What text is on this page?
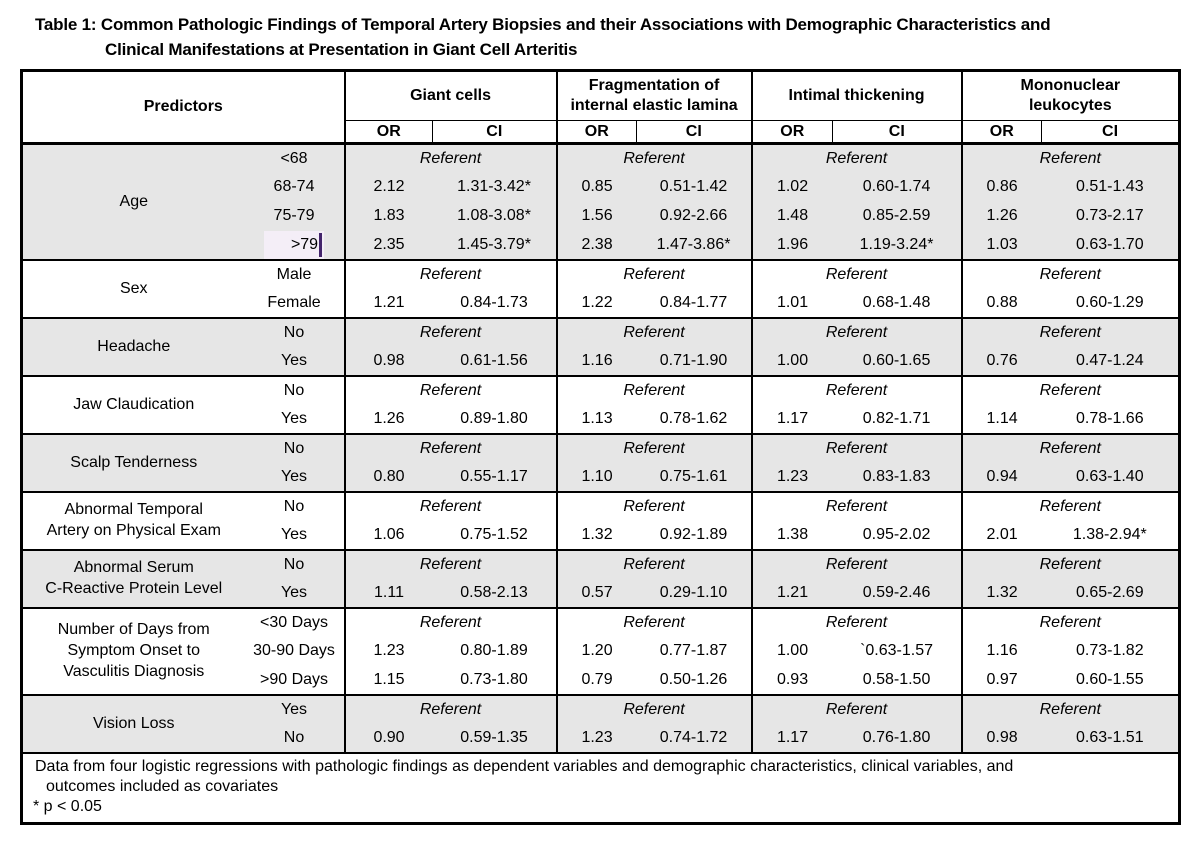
Table 1: Common Pathologic Findings of Temporal Artery Biopsies and their Associations with Demographic Characteristics and
Clinical Manifestations at Presentation in Giant Cell Arteritis
Predictors	
Giant cells

Fragmentation of
internal elastic lamina

Intimal thickening

Mononuclear
leukocytes

		OR	CI	OR	CI	OR	CI	OR	CI

Age	<68	Referent		Referent		Referent		Referent	
	68-74	2.12	1.31-3.42*	0.85	0.51-1.42	1.02	0.60-1.74	0.86	0.51-1.43
	75-79	1.83	1.08-3.08*	1.56	0.92-2.66	1.48	0.85-2.59	1.26	0.73-2.17
	>79	2.35	1.45-3.79*	2.38	1.47-3.86*	1.96	1.19-3.24*	1.03	0.63-1.70

Sex	Male	Referent		Referent		Referent		Referent	
	Female	1.21	0.84-1.73	1.22	0.84-1.77	1.01	0.68-1.48	0.88	0.60-1.29

Headache	No	Referent		Referent		Referent		Referent	
	Yes	0.98	0.61-1.56	1.16	0.71-1.90	1.00	0.60-1.65	0.76	0.47-1.24

Jaw Claudication	No	Referent		Referent		Referent		Referent	
	Yes	1.26	0.89-1.80	1.13	0.78-1.62	1.17	0.82-1.71	1.14	0.78-1.66

Scalp Tenderness	No	Referent		Referent		Referent		Referent	
	Yes	0.80	0.55-1.17	1.10	0.75-1.61	1.23	0.83-1.83	0.94	0.63-1.40

Abnormal Temporal
Artery on Physical Exam	No	Referent		Referent		Referent		Referent	
	Yes	1.06	0.75-1.52	1.32	0.92-1.89	1.38	0.95-2.02	2.01	1.38-2.94*

Abnormal Serum
C-Reactive Protein Level	No	Referent		Referent		Referent		Referent	
	Yes	1.11	0.58-2.13	0.57	0.29-1.10	1.21	0.59-2.46	1.32	0.65-2.69

Number of Days from
Symptom Onset to
Vasculitis Diagnosis	<30 Days	Referent		Referent		Referent		Referent	
	30-90 Days	1.23	0.80-1.89	1.20	0.77-1.87	1.00	`0.63-1.57	1.16	0.73-1.82
	>90 Days	1.15	0.73-1.80	0.79	0.50-1.26	0.93	0.58-1.50	0.97	0.60-1.55

Vision Loss	Yes	Referent		Referent		Referent		Referent	
	No	0.90	0.59-1.35	1.23	0.74-1.72	1.17	0.76-1.80	0.98	0.63-1.51

Data from four logistic regressions with pathologic findings as dependent variables and demographic characteristics, clinical variables, and
outcomes included as covariates
* p < 0.05									
